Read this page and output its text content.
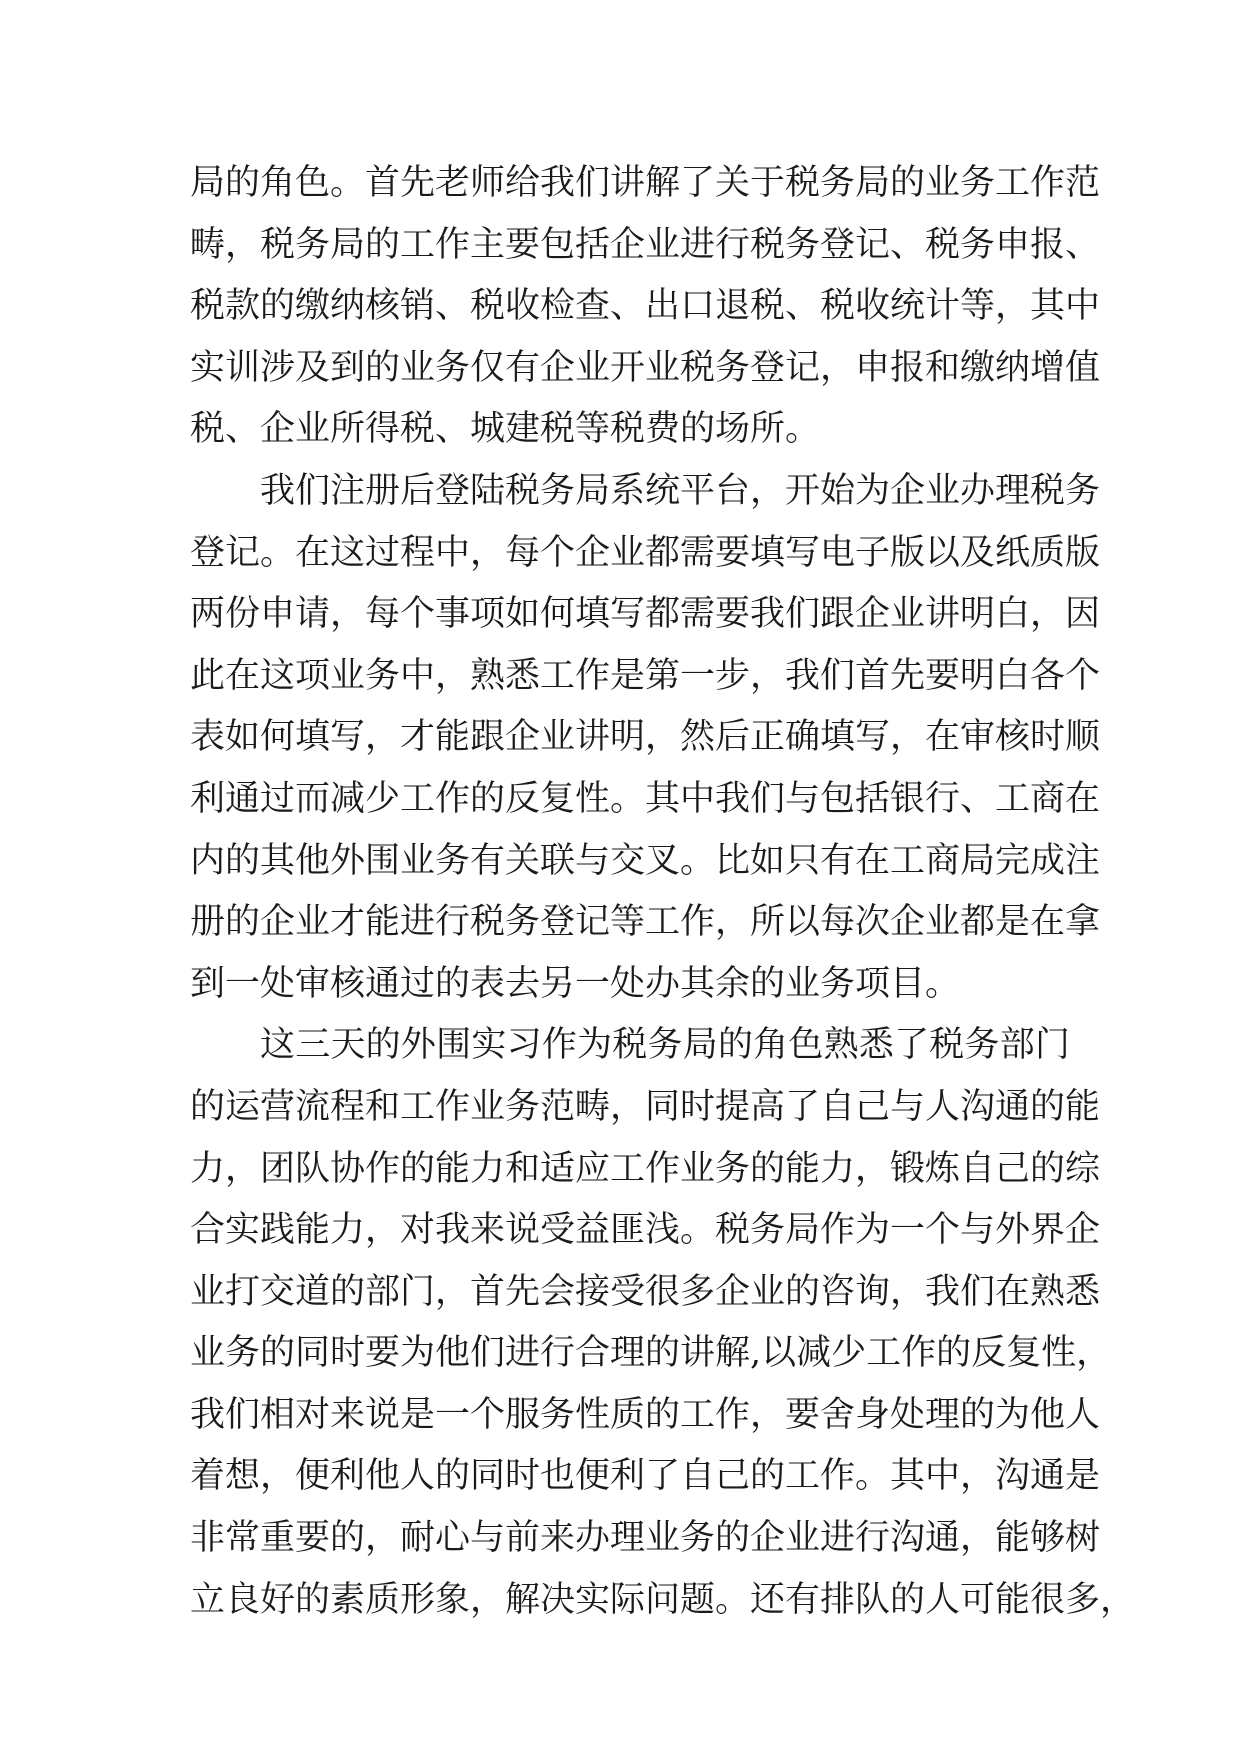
局的角色。首先老师给我们讲解了关于税务局的业务工作范
畴，税务局的工作主要包括企业进行税务登记、税务申报、
税款的缴纳核销、税收检查、出口退税、税收统计等，其中
实训涉及到的业务仅有企业开业税务登记，申报和缴纳增值
税、企业所得税、城建税等税费的场所。
我们注册后登陆税务局系统平台，开始为企业办理税务
登记。在这过程中，每个企业都需要填写电子版以及纸质版
两份申请，每个事项如何填写都需要我们跟企业讲明白，因
此在这项业务中，熟悉工作是第一步，我们首先要明白各个
表如何填写，才能跟企业讲明，然后正确填写，在审核时顺
利通过而减少工作的反复性。其中我们与包括银行、工商在
内的其他外围业务有关联与交叉。比如只有在工商局完成注
册的企业才能进行税务登记等工作，所以每次企业都是在拿
到一处审核通过的表去另一处办其余的业务项目。
这三天的外围实习作为税务局的角色熟悉了税务部门
的运营流程和工作业务范畴，同时提高了自己与人沟通的能
力，团队协作的能力和适应工作业务的能力，锻炼自己的综
合实践能力，对我来说受益匪浅。税务局作为一个与外界企
业打交道的部门，首先会接受很多企业的咨询，我们在熟悉
业务的同时要为他们进行合理的讲解,以减少工作的反复性，
我们相对来说是一个服务性质的工作，要舍身处理的为他人
着想，便利他人的同时也便利了自己的工作。其中，沟通是
非常重要的，耐心与前来办理业务的企业进行沟通，能够树
立良好的素质形象，解决实际问题。还有排队的人可能很多，
